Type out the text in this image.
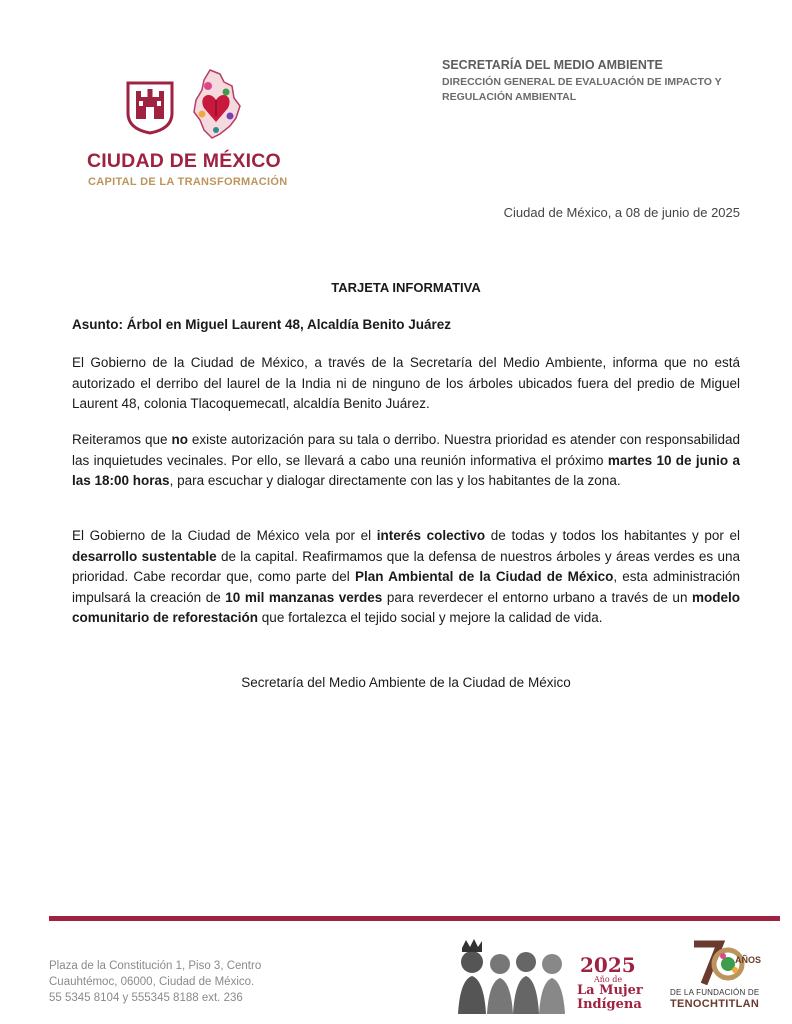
CIUDAD DE MÉXICO
CAPITAL DE LA TRANSFORMACIÓN
SECRETARÍA DEL MEDIO AMBIENTE
DIRECCIÓN GENERAL DE EVALUACIÓN DE IMPACTO Y REGULACIÓN AMBIENTAL
Ciudad de México, a 08 de junio de 2025
TARJETA INFORMATIVA
Asunto: Árbol en Miguel Laurent 48, Alcaldía Benito Juárez
El Gobierno de la Ciudad de México, a través de la Secretaría del Medio Ambiente, informa que no está autorizado el derribo del laurel de la India ni de ninguno de los árboles ubicados fuera del predio de Miguel Laurent 48, colonia Tlacoquemecatl, alcaldía Benito Juárez.
Reiteramos que no existe autorización para su tala o derribo. Nuestra prioridad es atender con responsabilidad las inquietudes vecinales. Por ello, se llevará a cabo una reunión informativa el próximo martes 10 de junio a las 18:00 horas, para escuchar y dialogar directamente con las y los habitantes de la zona.
El Gobierno de la Ciudad de México vela por el interés colectivo de todas y todos los habitantes y por el desarrollo sustentable de la capital. Reafirmamos que la defensa de nuestros árboles y áreas verdes es una prioridad. Cabe recordar que, como parte del Plan Ambiental de la Ciudad de México, esta administración impulsará la creación de 10 mil manzanas verdes para reverdecer el entorno urbano a través de un modelo comunitario de reforestación que fortalezca el tejido social y mejore la calidad de vida.
Secretaría del Medio Ambiente de la Ciudad de México
Plaza de la Constitución 1, Piso 3, Centro
Cuauhtémoc, 06000, Ciudad de México.
55 5345 8104 y 555345 8188 ext. 236
2025
Año de
La Mujer
Indígena
AÑOS
DE LA FUNDACIÓN DE
TENOCHTITLAN
